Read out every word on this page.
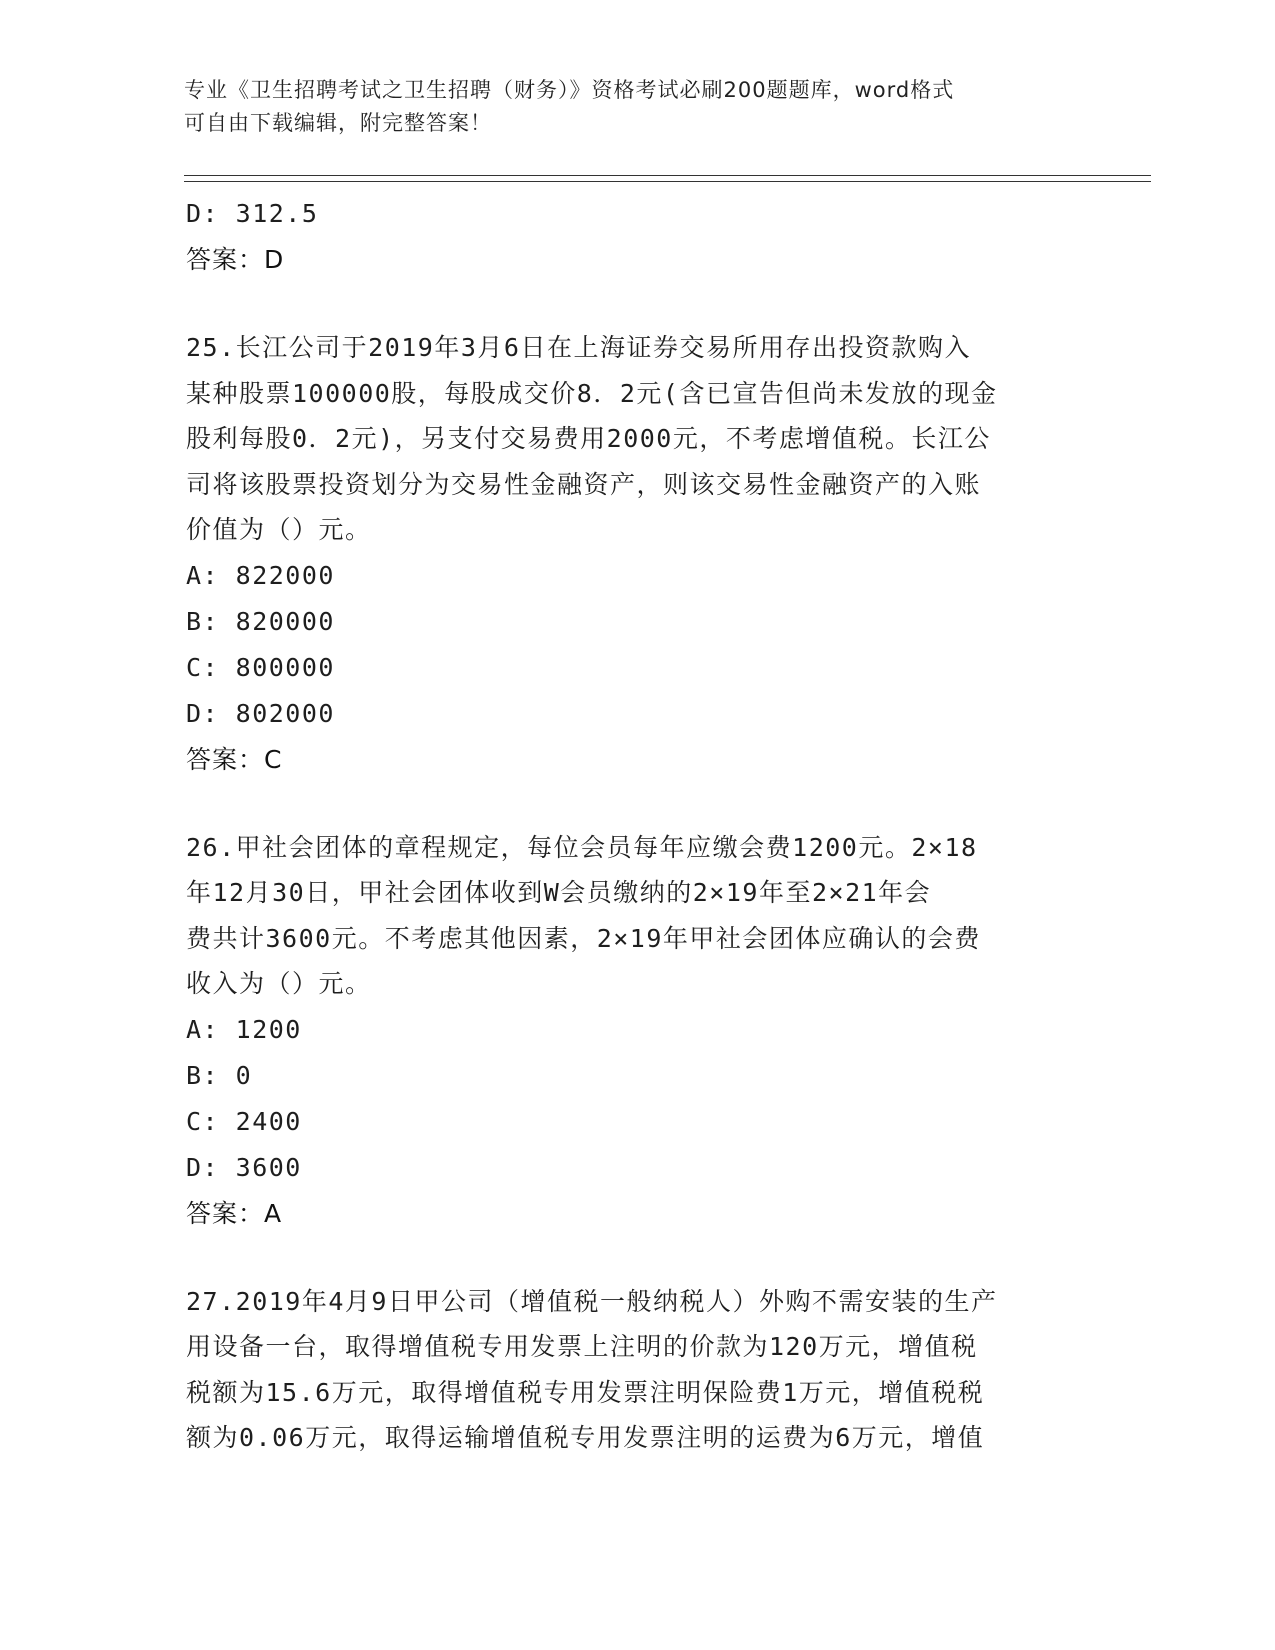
专业《卫生招聘考试之卫生招聘（财务）》资格考试必刷200题题库，word格式
可自由下载编辑，附完整答案！
D: 312.5
答案：D
25.长江公司于2019年3月6日在上海证券交易所用存出投资款购入
某种股票100000股，每股成交价8．2元(含已宣告但尚未发放的现金
股利每股0．2元)，另支付交易费用2000元，不考虑增值税。长江公
司将该股票投资划分为交易性金融资产，则该交易性金融资产的入账
价值为（）元。
A: 822000
B: 820000
C: 800000
D: 802000
答案：C
26.甲社会团体的章程规定，每位会员每年应缴会费1200元。2×18
年12月30日，甲社会团体收到W会员缴纳的2×19年至2×21年会
费共计3600元。不考虑其他因素，2×19年甲社会团体应确认的会费
收入为（）元。
A: 1200
B: 0
C: 2400
D: 3600
答案：A
27.2019年4月9日甲公司（增值税一般纳税人）外购不需安装的生产
用设备一台，取得增值税专用发票上注明的价款为120万元，增值税
税额为15.6万元，取得增值税专用发票注明保险费1万元，增值税税
额为0.06万元，取得运输增值税专用发票注明的运费为6万元，增值
